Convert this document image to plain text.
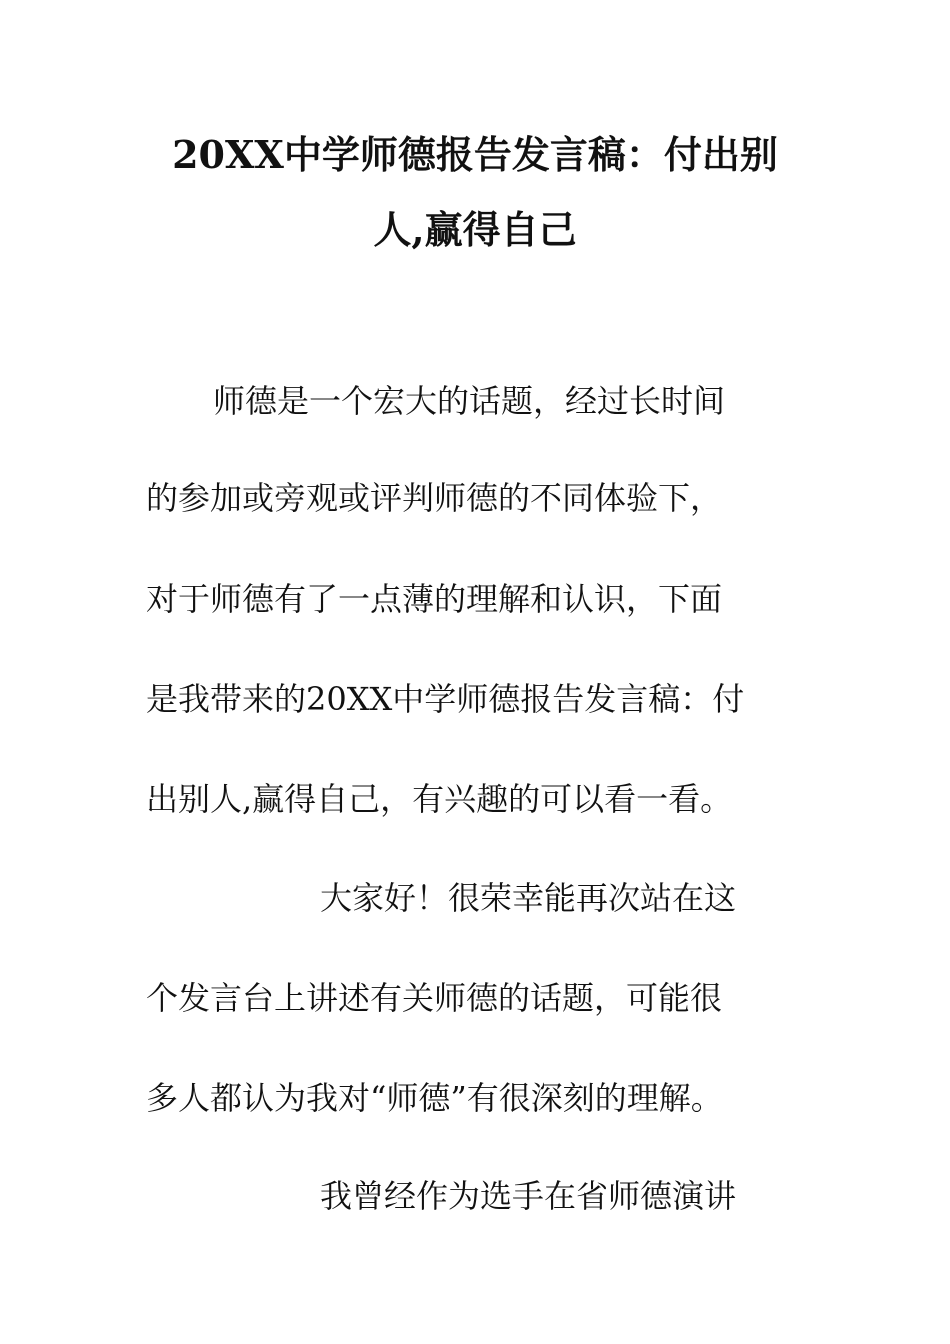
20XX中学师德报告发言稿：付出别
人,赢得自己
师德是一个宏大的话题，经过长时间
的参加或旁观或评判师德的不同体验下，
对于师德有了一点薄的理解和认识，下面
是我带来的20XX中学师德报告发言稿：付
出别人,赢得自己，有兴趣的可以看一看。
大家好！很荣幸能再次站在这
个发言台上讲述有关师德的话题，可能很
多人都认为我对“师德”有很深刻的理解。
我曾经作为选手在省师德演讲
